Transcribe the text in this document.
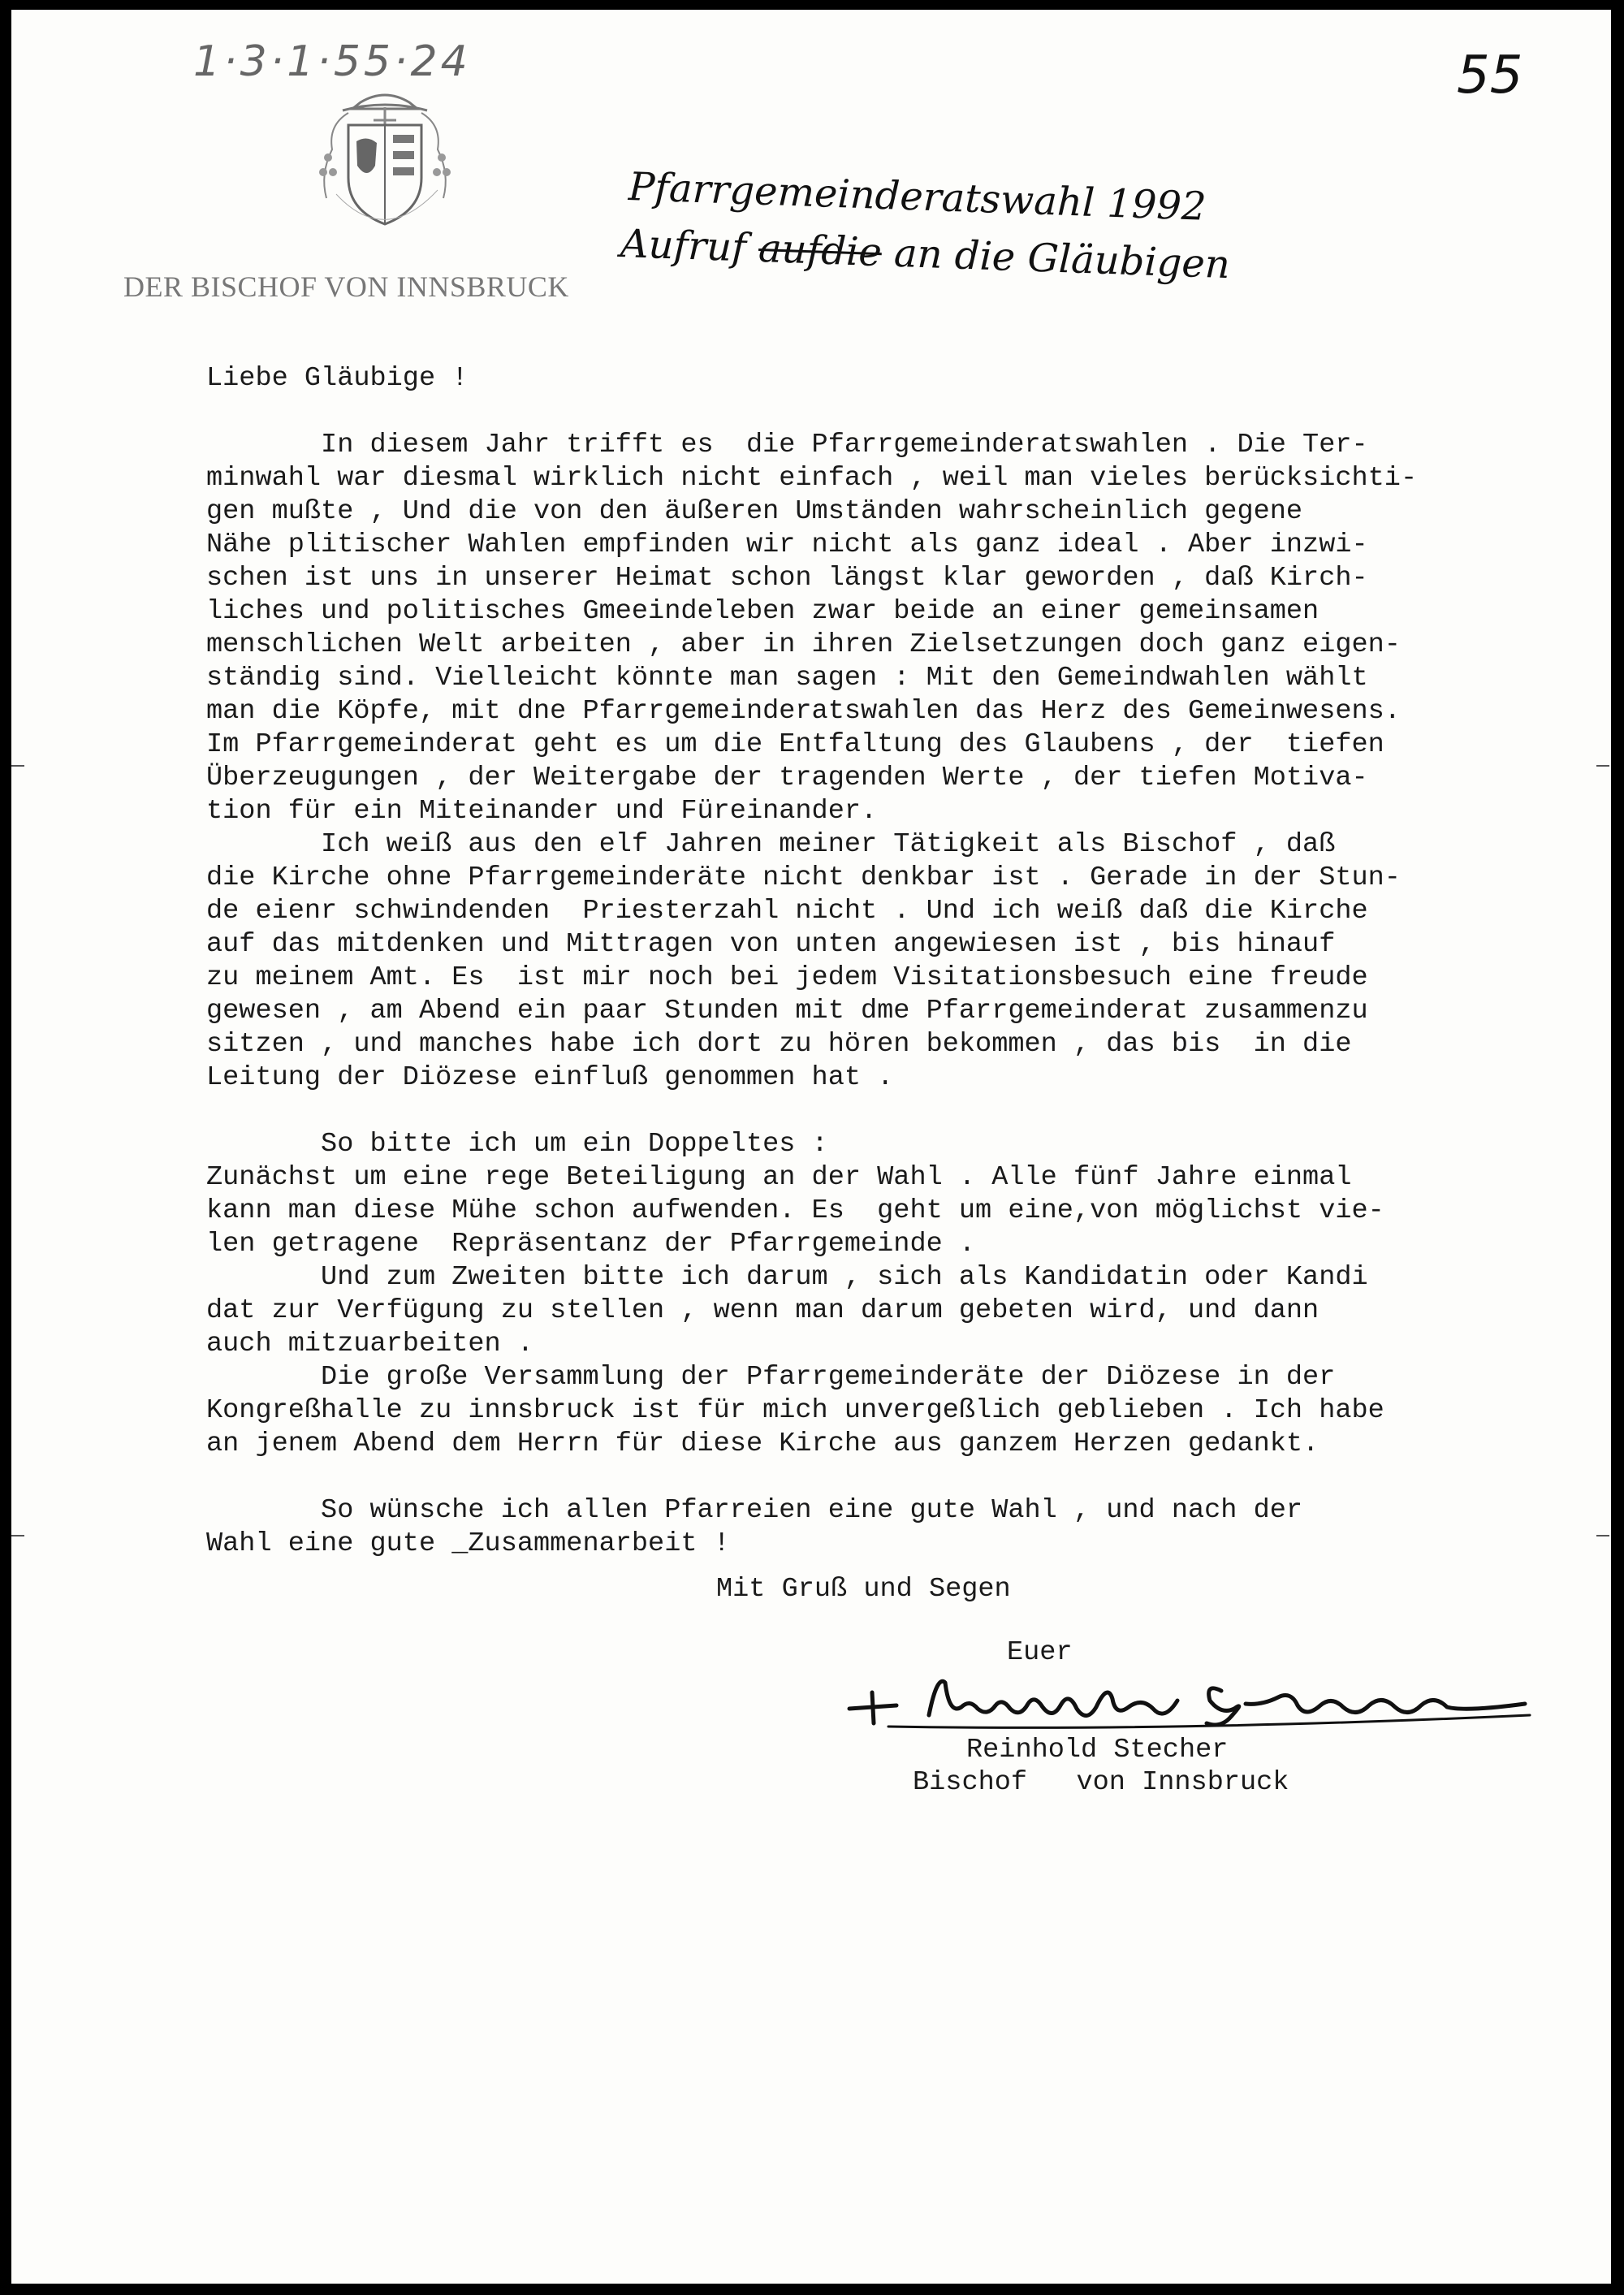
1·3·1·55·24	55
DER BISCHOF VON INNSBRUCK
Pfarrgemeinderatswahl 1992
Aufruf aufdie an die Gläubigen
Liebe Gläubige !
In diesem Jahr trifft es  die Pfarrgemeinderatswahlen . Die Ter-
minwahl war diesmal wirklich nicht einfach , weil man vieles berücksichti-
gen mußte , Und die von den äußeren Umständen wahrscheinlich gegene
Nähe plitischer Wahlen empfinden wir nicht als ganz ideal . Aber inzwi-
schen ist uns in unserer Heimat schon längst klar geworden , daß Kirch-
liches und politisches Gmeeindeleben zwar beide an einer gemeinsamen
menschlichen Welt arbeiten , aber in ihren Zielsetzungen doch ganz eigen-
ständig sind. Vielleicht könnte man sagen : Mit den Gemeindwahlen wählt
man die Köpfe, mit dne Pfarrgemeinderatswahlen das Herz des Gemeinwesens.
Im Pfarrgemeinderat geht es um die Entfaltung des Glaubens , der  tiefen
Überzeugungen , der Weitergabe der tragenden Werte , der tiefen Motiva-
tion für ein Miteinander und Füreinander.
Ich weiß aus den elf Jahren meiner Tätigkeit als Bischof , daß
die Kirche ohne Pfarrgemeinderäte nicht denkbar ist . Gerade in der Stun-
de eienr schwindenden  Priesterzahl nicht . Und ich weiß daß die Kirche
auf das mitdenken und Mittragen von unten angewiesen ist , bis hinauf
zu meinem Amt. Es  ist mir noch bei jedem Visitationsbesuch eine freude
gewesen , am Abend ein paar Stunden mit dme Pfarrgemeinderat zusammenzu
sitzen , und manches habe ich dort zu hören bekommen , das bis  in die
Leitung der Diözese einfluß genommen hat .
So bitte ich um ein Doppeltes :
Zunächst um eine rege Beteiligung an der Wahl . Alle fünf Jahre einmal
kann man diese Mühe schon aufwenden. Es  geht um eine,von möglichst vie-
len getragene  Repräsentanz der Pfarrgemeinde .
Und zum Zweiten bitte ich darum , sich als Kandidatin oder Kandi
dat zur Verfügung zu stellen , wenn man darum gebeten wird, und dann
auch mitzuarbeiten .
Die große Versammlung der Pfarrgemeinderäte der Diözese in der
Kongreßhalle zu innsbruck ist für mich unvergeßlich geblieben . Ich habe
an jenem Abend dem Herrn für diese Kirche aus ganzem Herzen gedankt.
So wünsche ich allen Pfarreien eine gute Wahl , und nach der
Wahl eine gute _Zusammenarbeit !
Mit Gruß und Segen
Euer
Reinhold Stecher
Bischof   von Innsbruck
